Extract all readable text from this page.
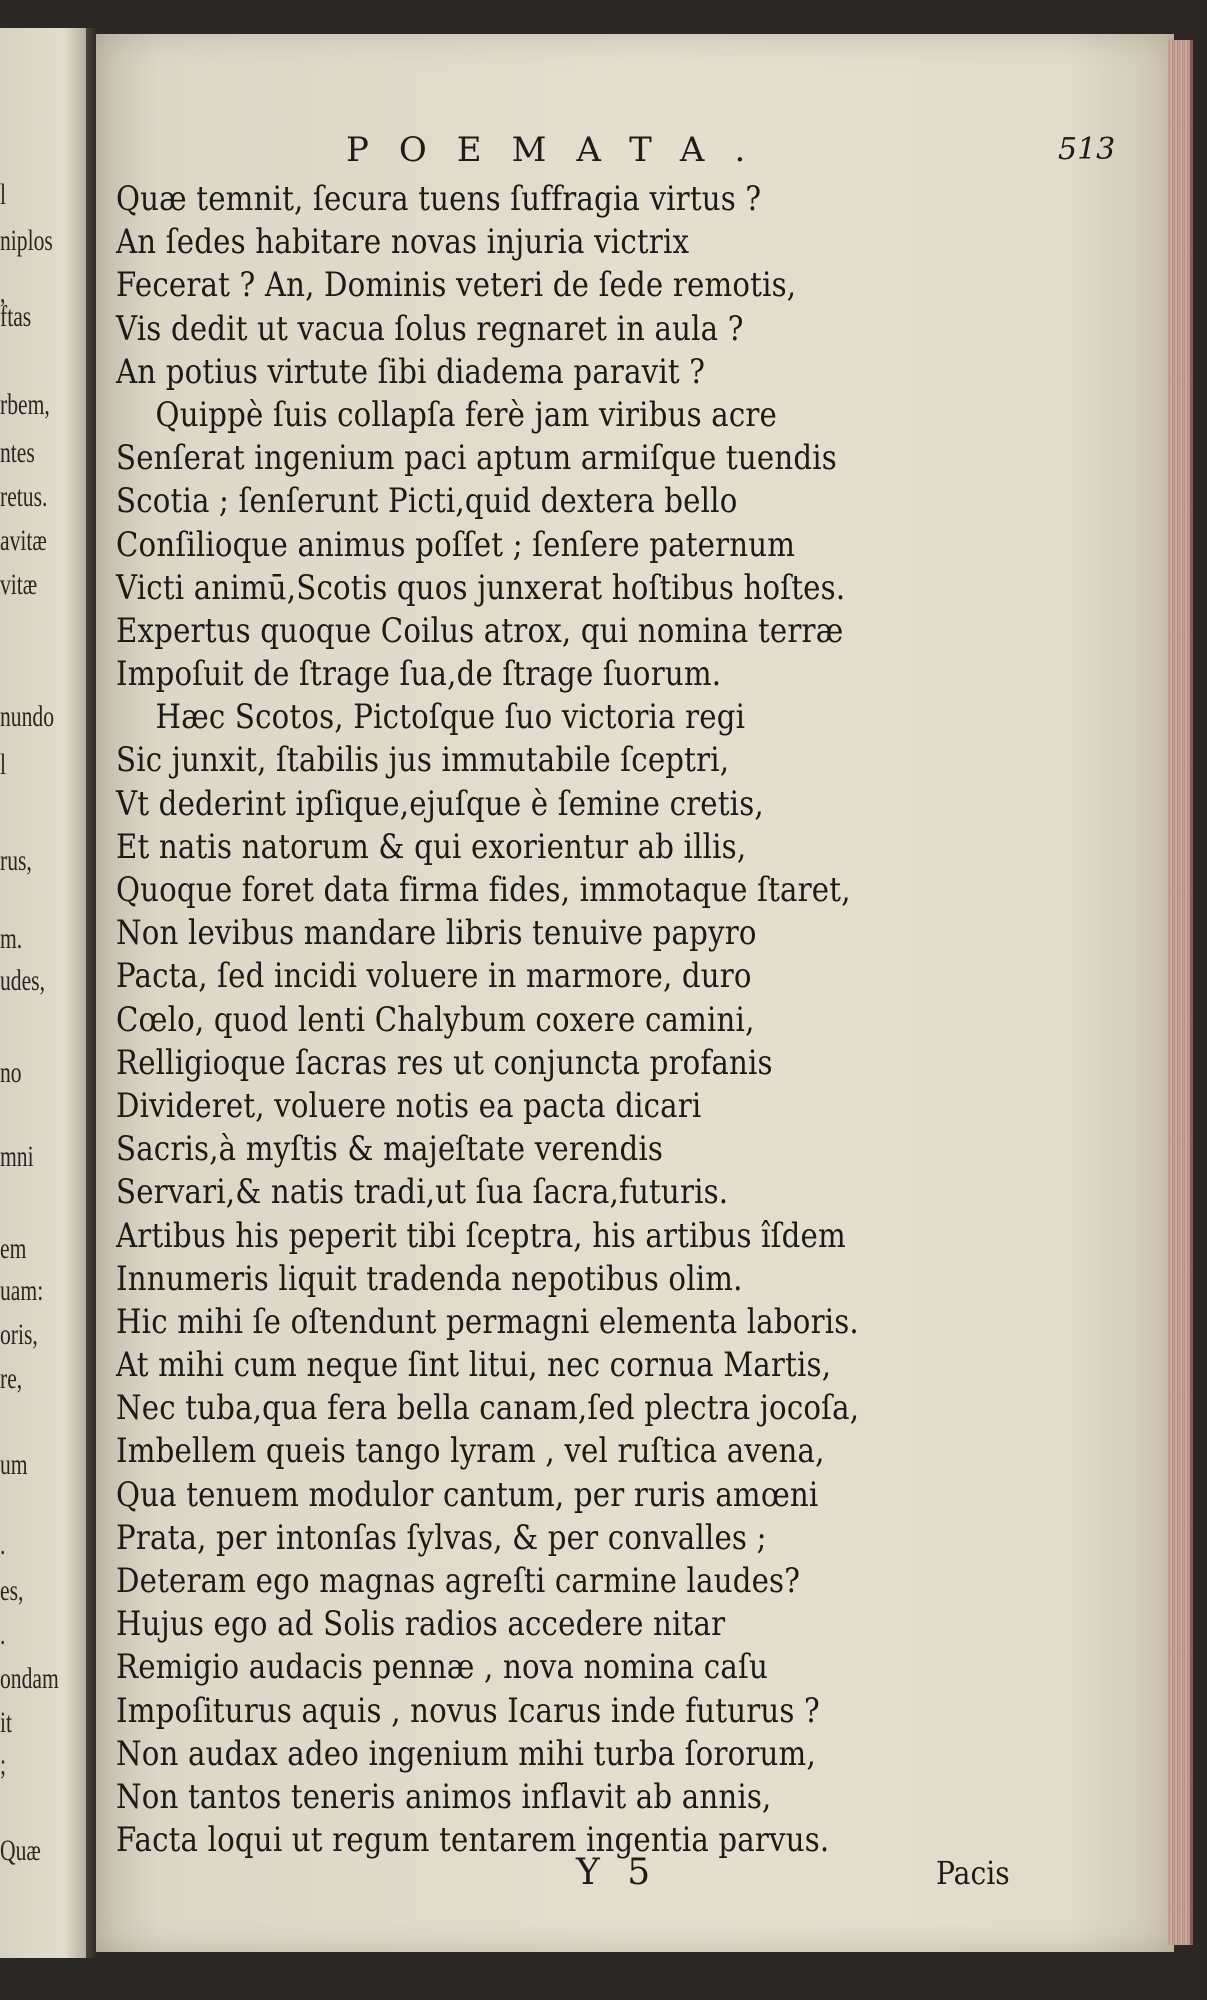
l
niplos
,
ftas
rbem,
ntes
retus.
avitæ
vitæ
nundo
l
rus,
m.
udes,
no
mni
em
uam:
oris,
re,
um
.
es,
.
ondam
it
;
Quæ
POEMATA.	513
Quæ temnit, ſecura tuens ſuffragia virtus ?
An ſedes habitare novas injuria victrix
Fecerat ? An, Dominis veteri de ſede remotis,
Vis dedit ut vacua ſolus regnaret in aula ?
An potius virtute ſibi diadema paravit ?
Quippè ſuis collapſa ferè jam viribus acre
Senſerat ingenium paci aptum armiſque tuendis
Scotia ; ſenſerunt Picti,quid dextera bello
Conſilioque animus poſſet ; ſenſere paternum
Victi animū,Scotis quos junxerat hoſtibus hoſtes.
Expertus quoque Coilus atrox, qui nomina terræ
Impoſuit de ſtrage ſua,de ſtrage ſuorum.
Hæc Scotos, Pictoſque ſuo victoria regi
Sic junxit, ſtabilis jus immutabile ſceptri,
Vt dederint ipſique,ejuſque è ſemine cretis,
Et natis natorum & qui exorientur ab illis,
Quoque foret data firma fides, immotaque ſtaret,
Non levibus mandare libris tenuive papyro
Pacta, ſed incidi voluere in marmore, duro
Cœlo, quod lenti Chalybum coxere camini,
Relligioque ſacras res ut conjuncta profanis
Divideret, voluere notis ea pacta dicari
Sacris,à myſtis & majeſtate verendis
Servari,& natis tradi,ut ſua ſacra,futuris.
Artibus his peperit tibi ſceptra, his artibus îſdem
Innumeris liquit tradenda nepotibus olim.
Hic mihi ſe oſtendunt permagni elementa laboris.
At mihi cum neque ſint litui, nec cornua Martis,
Nec tuba,qua fera bella canam,ſed plectra jocoſa,
Imbellem queis tango lyram , vel ruſtica avena,
Qua tenuem modulor cantum, per ruris amœni
Prata, per intonſas ſylvas, & per convalles ;
Deteram ego magnas agreſti carmine laudes?
Hujus ego ad Solis radios accedere nitar
Remigio audacis pennæ , nova nomina caſu
Impoſiturus aquis , novus Icarus inde futurus ?
Non audax adeo ingenium mihi turba ſororum,
Non tantos teneris animos inflavit ab annis,
Facta loqui ut regum tentarem ingentia parvus.
Y 5	Pacis
